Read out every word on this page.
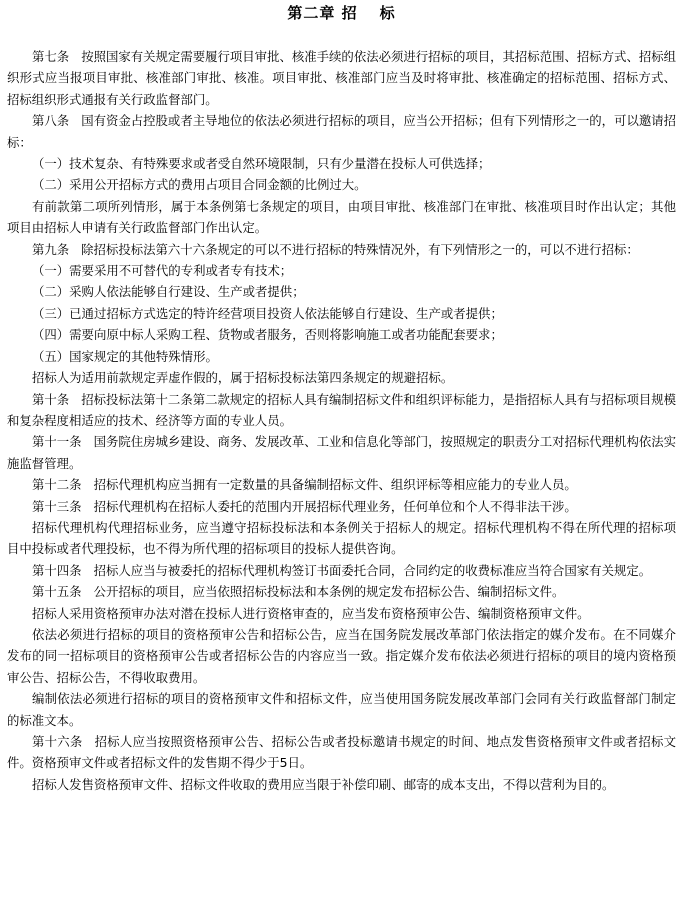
第二章 招 标

第七条 按照国家有关规定需要履行项目审批、核准手续的依法必须进行招标的项目，其招标范围、招标方式、招标组织形式应当报项目审批、核准部门审批、核准。项目审批、核准部门应当及时将审批、核准确定的招标范围、招标方式、招标组织形式通报有关行政监督部门。

第八条 国有资金占控股或者主导地位的依法必须进行招标的项目，应当公开招标；但有下列情形之一的，可以邀请招标：

（一）技术复杂、有特殊要求或者受自然环境限制，只有少量潜在投标人可供选择；

（二）采用公开招标方式的费用占项目合同金额的比例过大。

有前款第二项所列情形，属于本条例第七条规定的项目，由项目审批、核准部门在审批、核准项目时作出认定；其他项目由招标人申请有关行政监督部门作出认定。

第九条 除招标投标法第六十六条规定的可以不进行招标的特殊情况外，有下列情形之一的，可以不进行招标：

（一）需要采用不可替代的专利或者专有技术；

（二）采购人依法能够自行建设、生产或者提供；

（三）已通过招标方式选定的特许经营项目投资人依法能够自行建设、生产或者提供；

（四）需要向原中标人采购工程、货物或者服务，否则将影响施工或者功能配套要求；

（五）国家规定的其他特殊情形。

招标人为适用前款规定弄虚作假的，属于招标投标法第四条规定的规避招标。

第十条 招标投标法第十二条第二款规定的招标人具有编制招标文件和组织评标能力，是指招标人具有与招标项目规模和复杂程度相适应的技术、经济等方面的专业人员。

第十一条 国务院住房城乡建设、商务、发展改革、工业和信息化等部门，按照规定的职责分工对招标代理机构依法实施监督管理。

第十二条 招标代理机构应当拥有一定数量的具备编制招标文件、组织评标等相应能力的专业人员。

第十三条 招标代理机构在招标人委托的范围内开展招标代理业务，任何单位和个人不得非法干涉。

招标代理机构代理招标业务，应当遵守招标投标法和本条例关于招标人的规定。招标代理机构不得在所代理的招标项目中投标或者代理投标，也不得为所代理的招标项目的投标人提供咨询。

第十四条 招标人应当与被委托的招标代理机构签订书面委托合同，合同约定的收费标准应当符合国家有关规定。

第十五条 公开招标的项目，应当依照招标投标法和本条例的规定发布招标公告、编制招标文件。

招标人采用资格预审办法对潜在投标人进行资格审查的，应当发布资格预审公告、编制资格预审文件。

依法必须进行招标的项目的资格预审公告和招标公告，应当在国务院发展改革部门依法指定的媒介发布。在不同媒介发布的同一招标项目的资格预审公告或者招标公告的内容应当一致。指定媒介发布依法必须进行招标的项目的境内资格预审公告、招标公告，不得收取费用。

编制依法必须进行招标的项目的资格预审文件和招标文件，应当使用国务院发展改革部门会同有关行政监督部门制定的标准文本。

第十六条 招标人应当按照资格预审公告、招标公告或者投标邀请书规定的时间、地点发售资格预审文件或者招标文件。资格预审文件或者招标文件的发售期不得少于5日。

招标人发售资格预审文件、招标文件收取的费用应当限于补偿印刷、邮寄的成本支出，不得以营利为目的。
